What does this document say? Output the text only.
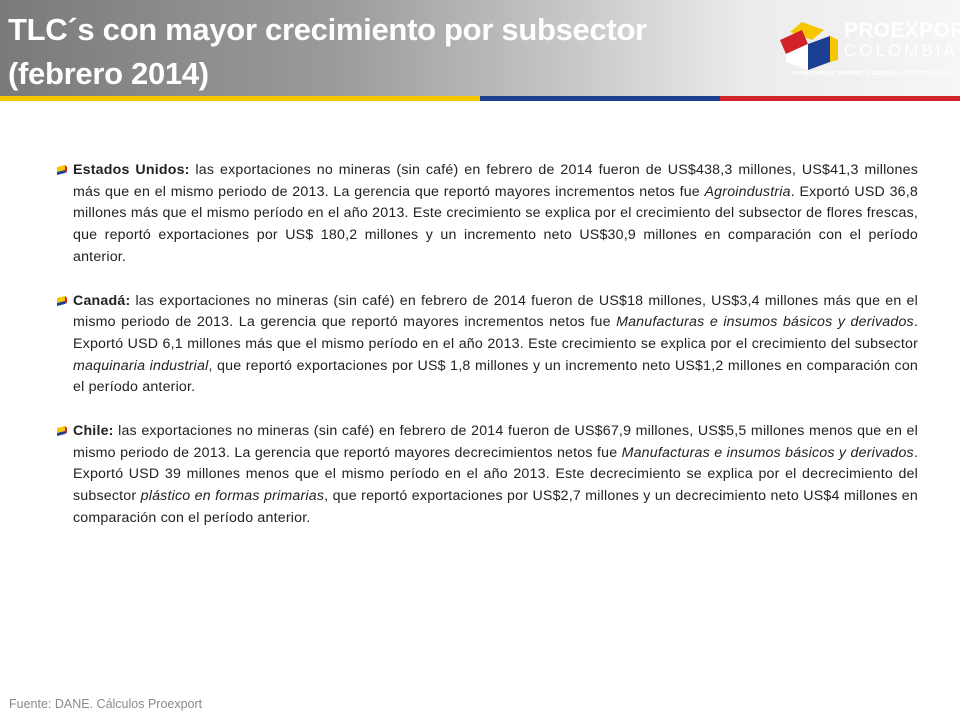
TLC´s con mayor crecimiento por subsector
(febrero 2014)
PROEXPORT
COLOMBIA
PROMOCIÓN DE TURISMO, INVERSIÓN Y EXPORTACIONES.
Estados Unidos: las exportaciones no mineras (sin café) en febrero de 2014 fueron de US$438,3 millones, US$41,3 millones más que en el mismo periodo de 2013. La gerencia que reportó mayores incrementos netos fue Agroindustria. Exportó USD 36,8 millones más que el mismo período en el año 2013. Este crecimiento se explica por el crecimiento del subsector de flores frescas, que reportó exportaciones por US$ 180,2 millones y un incremento neto US$30,9 millones en comparación con el período anterior.
Canadá: las exportaciones no mineras (sin café) en febrero de 2014 fueron de US$18 millones, US$3,4 millones más que en el mismo periodo de 2013. La gerencia que reportó mayores incrementos netos fue Manufacturas e insumos básicos y derivados. Exportó USD 6,1 millones más que el mismo período en el año 2013. Este crecimiento se explica por el crecimiento del subsector maquinaria industrial, que reportó exportaciones por US$ 1,8 millones y un incremento neto US$1,2 millones en comparación con el período anterior.
Chile: las exportaciones no mineras (sin café) en febrero de 2014 fueron de US$67,9 millones, US$5,5 millones menos que en el mismo periodo de 2013. La gerencia que reportó mayores decrecimientos netos fue Manufacturas e insumos básicos y derivados. Exportó USD 39 millones menos que el mismo período en el año 2013. Este decrecimiento se explica por el decrecimiento del subsector plástico en formas primarias, que reportó exportaciones por US$2,7 millones y un decrecimiento neto US$4 millones en comparación con el período anterior.
Fuente: DANE. Cálculos Proexport
